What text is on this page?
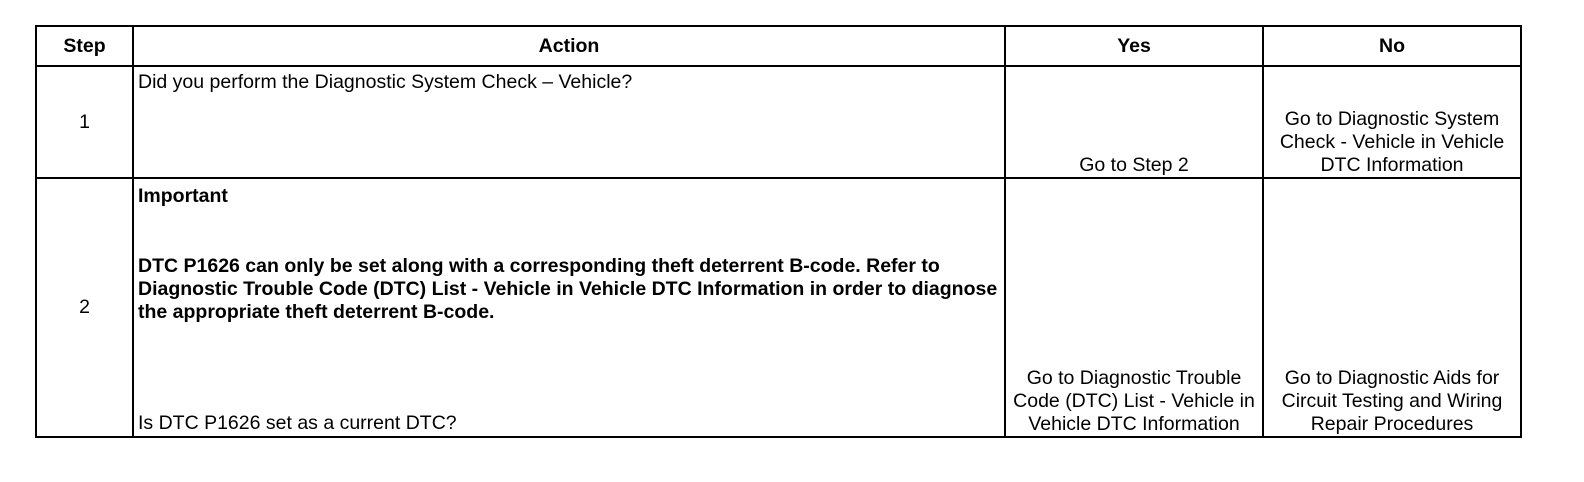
Step	Action	Yes	No
1	Did you perform the Diagnostic System Check – Vehicle?	Go to Step 2	Go to Diagnostic System Check - Vehicle in Vehicle DTC Information
2	Important
DTC P1626 can only be set along with a corresponding theft deterrent B-code. Refer to Diagnostic Trouble Code (DTC) List - Vehicle in Vehicle DTC Information in order to diagnose the appropriate theft deterrent B-code.
Is DTC P1626 set as a current DTC?	Go to Diagnostic Trouble Code (DTC) List - Vehicle in Vehicle DTC Information	Go to Diagnostic Aids for Circuit Testing and Wiring Repair Procedures
